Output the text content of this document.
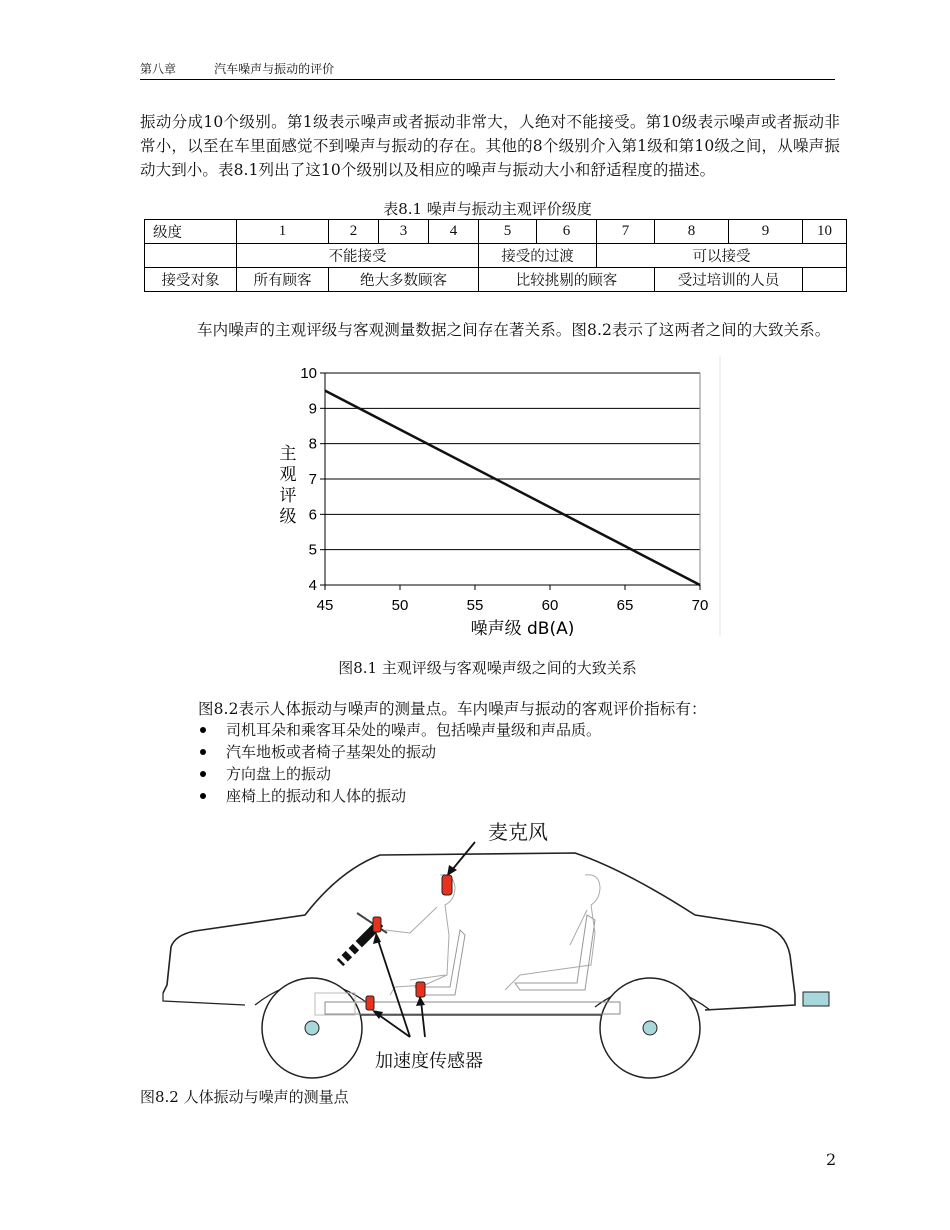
第八章	汽车噪声与振动的评价
振动分成10个级别。第1级表示噪声或者振动非常大，人绝对不能接受。第10级表示噪声或者振动非常小，以至在车里面感觉不到噪声与振动的存在。其他的8个级别介入第1级和第10级之间，从噪声振动大到小。表8.1列出了这10个级别以及相应的噪声与振动大小和舒适程度的描述。
表8.1 噪声与振动主观评价级度
级度	1	2	3	4	5	6	7	8	9	10
	不能接受				接受的过渡		可以接受			
接受对象	所有顾客	绝大多数顾客			比较挑剔的顾客			受过培训的人员		
车内噪声的主观评级与客观测量数据之间存在著关系。图8.2表示了这两者之间的大致关系。
4
5
6
7
8
9
10
45	50	55	60	65	70
噪声级 dB(A)
主观评级
图8.1 主观评级与客观噪声级之间的大致关系
图8.2表示人体振动与噪声的测量点。车内噪声与振动的客观评价指标有：
司机耳朵和乘客耳朵处的噪声。包括噪声量级和声品质。
汽车地板或者椅子基架处的振动
方向盘上的振动
座椅上的振动和人体的振动
麦克风
加速度传感器
图8.2 人体振动与噪声的测量点
2
